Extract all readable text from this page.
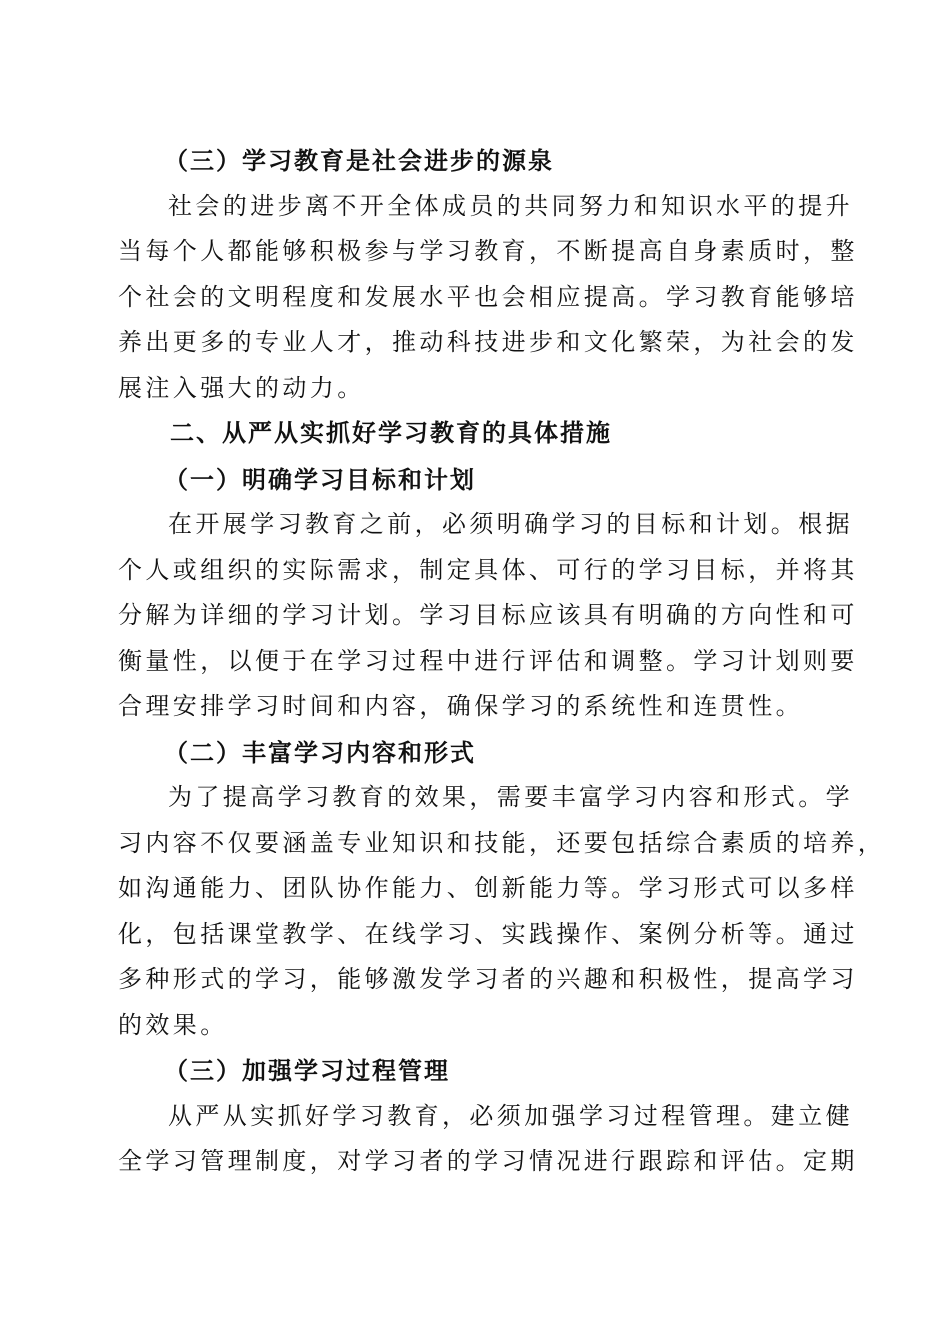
（三）学习教育是社会进步的源泉
社会的进步离不开全体成员的共同努力和知识水平的提升
当每个人都能够积极参与学习教育，不断提高自身素质时，整
个社会的文明程度和发展水平也会相应提高。学习教育能够培
养出更多的专业人才，推动科技进步和文化繁荣，为社会的发
展注入强大的动力。
二、从严从实抓好学习教育的具体措施
（一）明确学习目标和计划
在开展学习教育之前，必须明确学习的目标和计划。根据
个人或组织的实际需求，制定具体、可行的学习目标，并将其
分解为详细的学习计划。学习目标应该具有明确的方向性和可
衡量性，以便于在学习过程中进行评估和调整。学习计划则要
合理安排学习时间和内容，确保学习的系统性和连贯性。
（二）丰富学习内容和形式
为了提高学习教育的效果，需要丰富学习内容和形式。学
习内容不仅要涵盖专业知识和技能，还要包括综合素质的培养，
如沟通能力、团队协作能力、创新能力等。学习形式可以多样
化，包括课堂教学、在线学习、实践操作、案例分析等。通过
多种形式的学习，能够激发学习者的兴趣和积极性，提高学习
的效果。
（三）加强学习过程管理
从严从实抓好学习教育，必须加强学习过程管理。建立健
全学习管理制度，对学习者的学习情况进行跟踪和评估。定期
